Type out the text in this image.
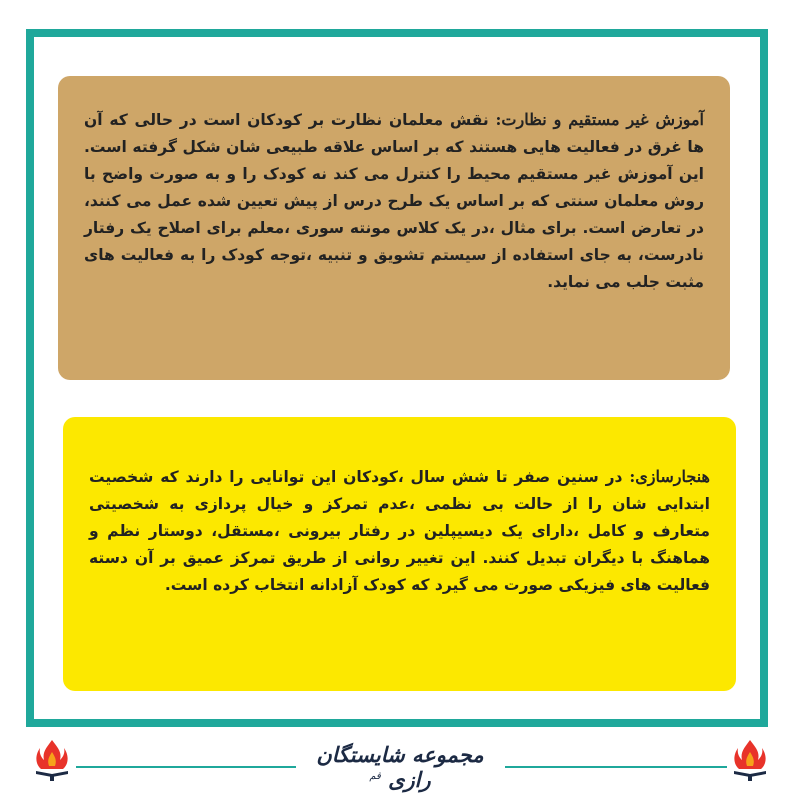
آموزش غیر مستقیم و نظارت: نقش معلمان نظارت بر کودکان است در حالی که آن ها غرق در فعالیت هایی هستند که بر اساس علاقه طبیعی شان شکل گرفته است. این آموزش غیر مستقیم محیط را کنترل می کند نه کودک را و به صورت واضح با روش معلمان سنتی که بر اساس یک طرح درس از پیش تعیین شده عمل می کنند، در تعارض است. برای مثال ،در یک کلاس مونته سوری ،معلم برای اصلاح یک رفتار نادرست، به جای استفاده از سیستم تشویق و تنبیه ،توجه کودک را به فعالیت های مثبت جلب می نماید.
هنجارسازی: در سنین صفر تا شش سال ،کودکان این توانایی را دارند که شخصیت ابتدایی شان را از حالت بی نظمی ،عدم تمرکز و خیال پردازی به شخصیتی متعارف و کامل ،دارای یک دیسیپلین در رفتار بیرونی ،مستقل، دوستار نظم و هماهنگ با دیگران تبدیل کنند. این تغییر روانی از طریق تمرکز عمیق بر آن دسته فعالیت های فیزیکی صورت می گیرد که کودک آزادانه انتخاب کرده است.
مجموعه شایستگان رازی $^{قم}$
